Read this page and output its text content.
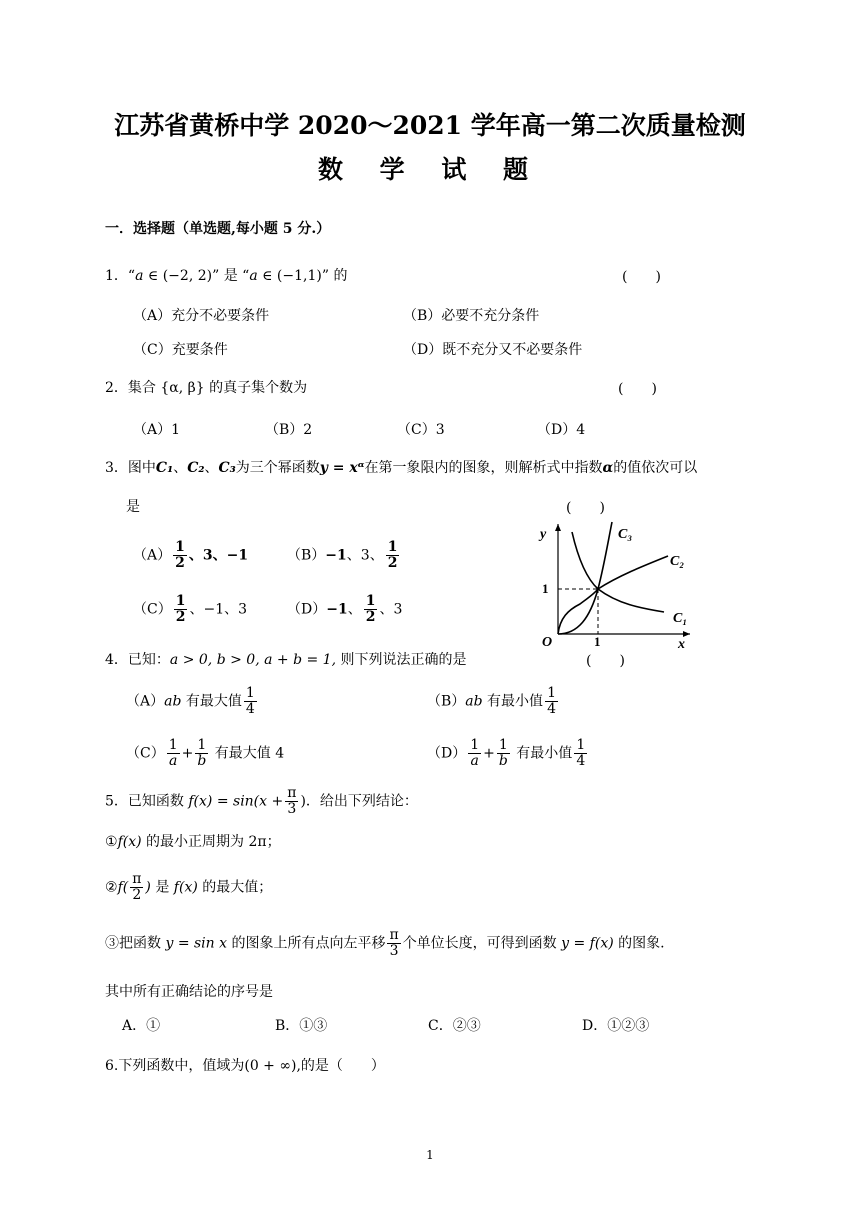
江苏省黄桥中学 2020～2021 学年高一第二次质量检测
数 学 试 题
一．选择题（单选题,每小题 5 分.）
1．“a ∈ (−2, 2)” 是 “a ∈ (−1,1)” 的	(　　)
（A）充分不必要条件	（B）必要不充分条件
（C）充要条件	（D）既不充分又不必要条件
2．集合 {α, β} 的真子集个数为	(　　)
（A）1	（B）2	（C）3	（D）4
3．图中C₁、C₂、C₃为三个幂函数y = xᵅ在第一象限内的图象，则解析式中指数α的值依次可以
是	(　　)
$(A) \frac{1}{2}$ 、3、−1	（B）−1、3、 $\frac{1}{2}$
$(C) \frac{1}{2}$ 、−1、3	（D）−1、 $\frac{1}{2}$ 、3
y
x
O	1
1
C₃
C₂
C₁
4．已知：a > 0, b > 0, a + b = 1, 则下列说法正确的是	(　　)
（A）ab 有最大值 $\frac{1}{4}$	（B）ab 有最小值 $\frac{1}{4}$
$(C) \frac{1}{a} + \frac{1}{b}$ 有最大值 4	$(D) \frac{1}{a} + \frac{1}{b}$ 有最小值 $\frac{1}{4}$
5．已知函数 $f(x) = \sin(x + \frac{\pi}{3}$ )．给出下列结论：
①f(x) 的最小正周期为 2π；
②f( $\frac{\pi}{2}$ ) 是 f(x) 的最大值；
③把函数 y = sin x 的图象上所有点向左平移 $\frac{\pi}{3}$ 个单位长度，可得到函数 y = f(x) 的图象.
其中所有正确结论的序号是
A．①	B．①③	C．②③	D．①②③
6.下列函数中，值域为(0 + ∞),的是（　　）
1
